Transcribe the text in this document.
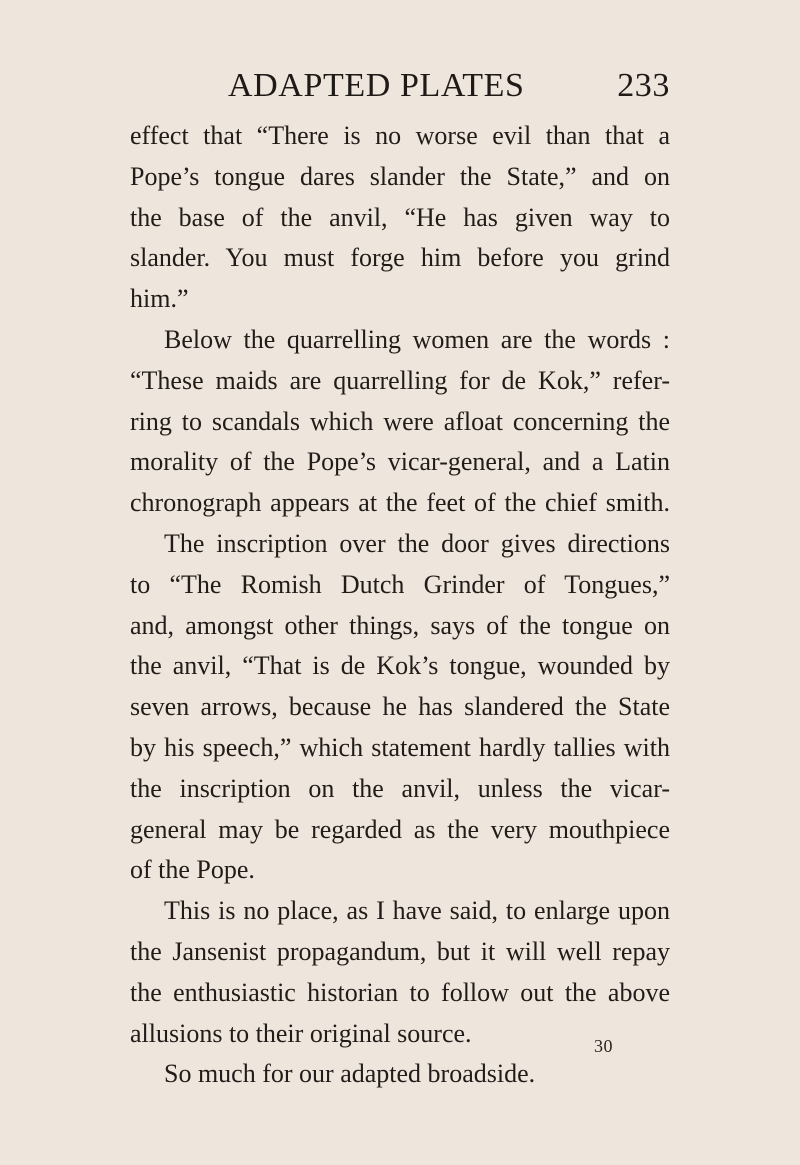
ADAPTED PLATES	233
effect that “There is no worse evil than that a
Pope’s tongue dares slander the State,” and on
the base of the anvil, “He has given way to
slander. You must forge him before you grind
him.”
Below the quarrelling women are the words :
“These maids are quarrelling for de Kok,” refer-
ring to scandals which were afloat concerning the
morality of the Pope’s vicar-general, and a Latin
chronograph appears at the feet of the chief smith.
The inscription over the door gives directions
to “The Romish Dutch Grinder of Tongues,”
and, amongst other things, says of the tongue on
the anvil, “That is de Kok’s tongue, wounded by
seven arrows, because he has slandered the State
by his speech,” which statement hardly tallies with
the inscription on the anvil, unless the vicar-
general may be regarded as the very mouthpiece
of the Pope.
This is no place, as I have said, to enlarge upon
the Jansenist propagandum, but it will well repay
the enthusiastic historian to follow out the above
allusions to their original source.
So much for our adapted broadside.
30
